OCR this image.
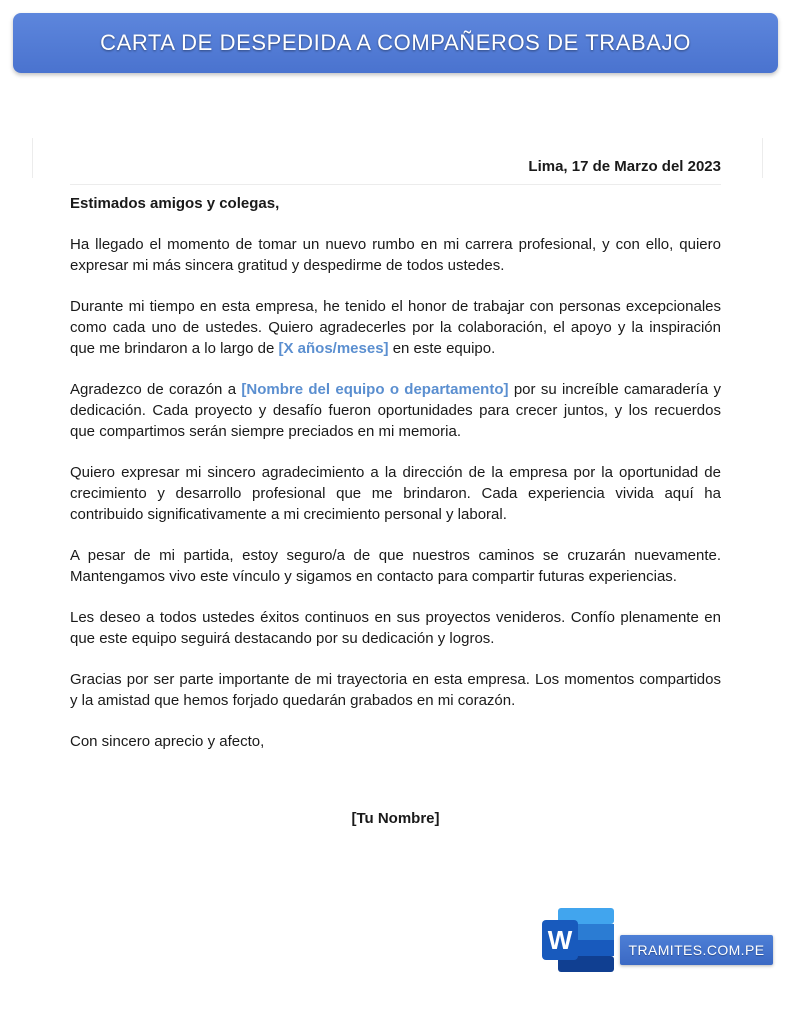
CARTA DE DESPEDIDA A COMPAÑEROS DE TRABAJO
Lima, 17 de Marzo del 2023
Estimados amigos y colegas,

Ha llegado el momento de tomar un nuevo rumbo en mi carrera profesional, y con ello, quiero expresar mi más sincera gratitud y despedirme de todos ustedes.

Durante mi tiempo en esta empresa, he tenido el honor de trabajar con personas excepcionales como cada uno de ustedes. Quiero agradecerles por la colaboración, el apoyo y la inspiración que me brindaron a lo largo de [X años/meses] en este equipo.

Agradezco de corazón a [Nombre del equipo o departamento] por su increíble camaradería y dedicación. Cada proyecto y desafío fueron oportunidades para crecer juntos, y los recuerdos que compartimos serán siempre preciados en mi memoria.

Quiero expresar mi sincero agradecimiento a la dirección de la empresa por la oportunidad de crecimiento y desarrollo profesional que me brindaron. Cada experiencia vivida aquí ha contribuido significativamente a mi crecimiento personal y laboral.

A pesar de mi partida, estoy seguro/a de que nuestros caminos se cruzarán nuevamente. Mantengamos vivo este vínculo y sigamos en contacto para compartir futuras experiencias.

Les deseo a todos ustedes éxitos continuos en sus proyectos venideros. Confío plenamente en que este equipo seguirá destacando por su dedicación y logros.

Gracias por ser parte importante de mi trayectoria en esta empresa. Los momentos compartidos y la amistad que hemos forjado quedarán grabados en mi corazón.

Con sincero aprecio y afecto,
[Tu Nombre]
W	TRAMITES.COM.PE
